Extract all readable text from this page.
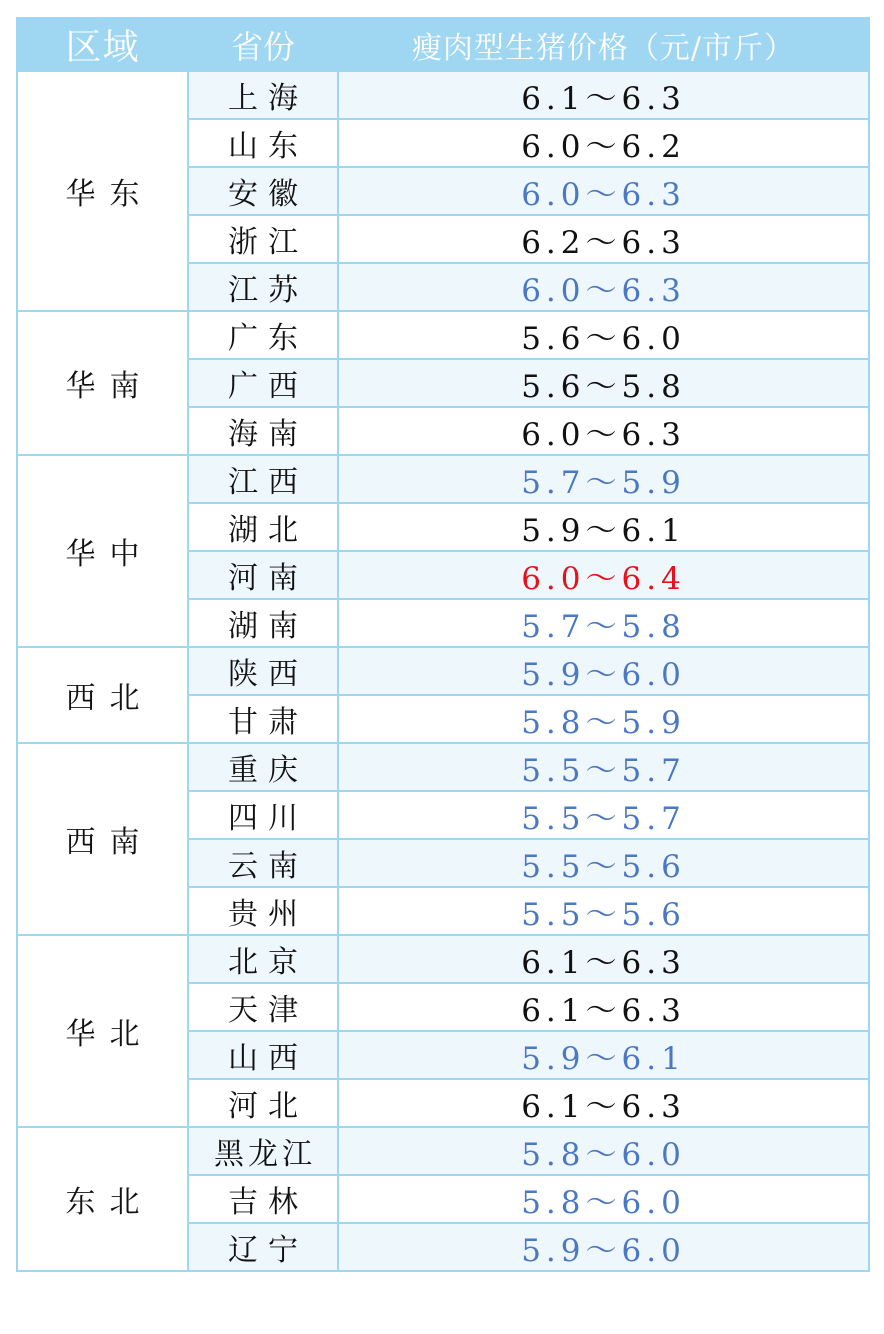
区域	省份	瘦肉型生猪价格（元/市斤）
华东	上海	6.1～6.3
	山东	6.0～6.2
	安徽	6.0～6.3
	浙江	6.2～6.3
	江苏	6.0～6.3
华南	广东	5.6～6.0
	广西	5.6～5.8
	海南	6.0～6.3
华中	江西	5.7～5.9
	湖北	5.9～6.1
	河南	6.0～6.4
	湖南	5.7～5.8
西北	陕西	5.9～6.0
	甘肃	5.8～5.9
西南	重庆	5.5～5.7
	四川	5.5～5.7
	云南	5.5～5.6
	贵州	5.5～5.6
华北	北京	6.1～6.3
	天津	6.1～6.3
	山西	5.9～6.1
	河北	6.1～6.3
东北	黑龙江	5.8～6.0
	吉林	5.8～6.0
	辽宁	5.9～6.0
